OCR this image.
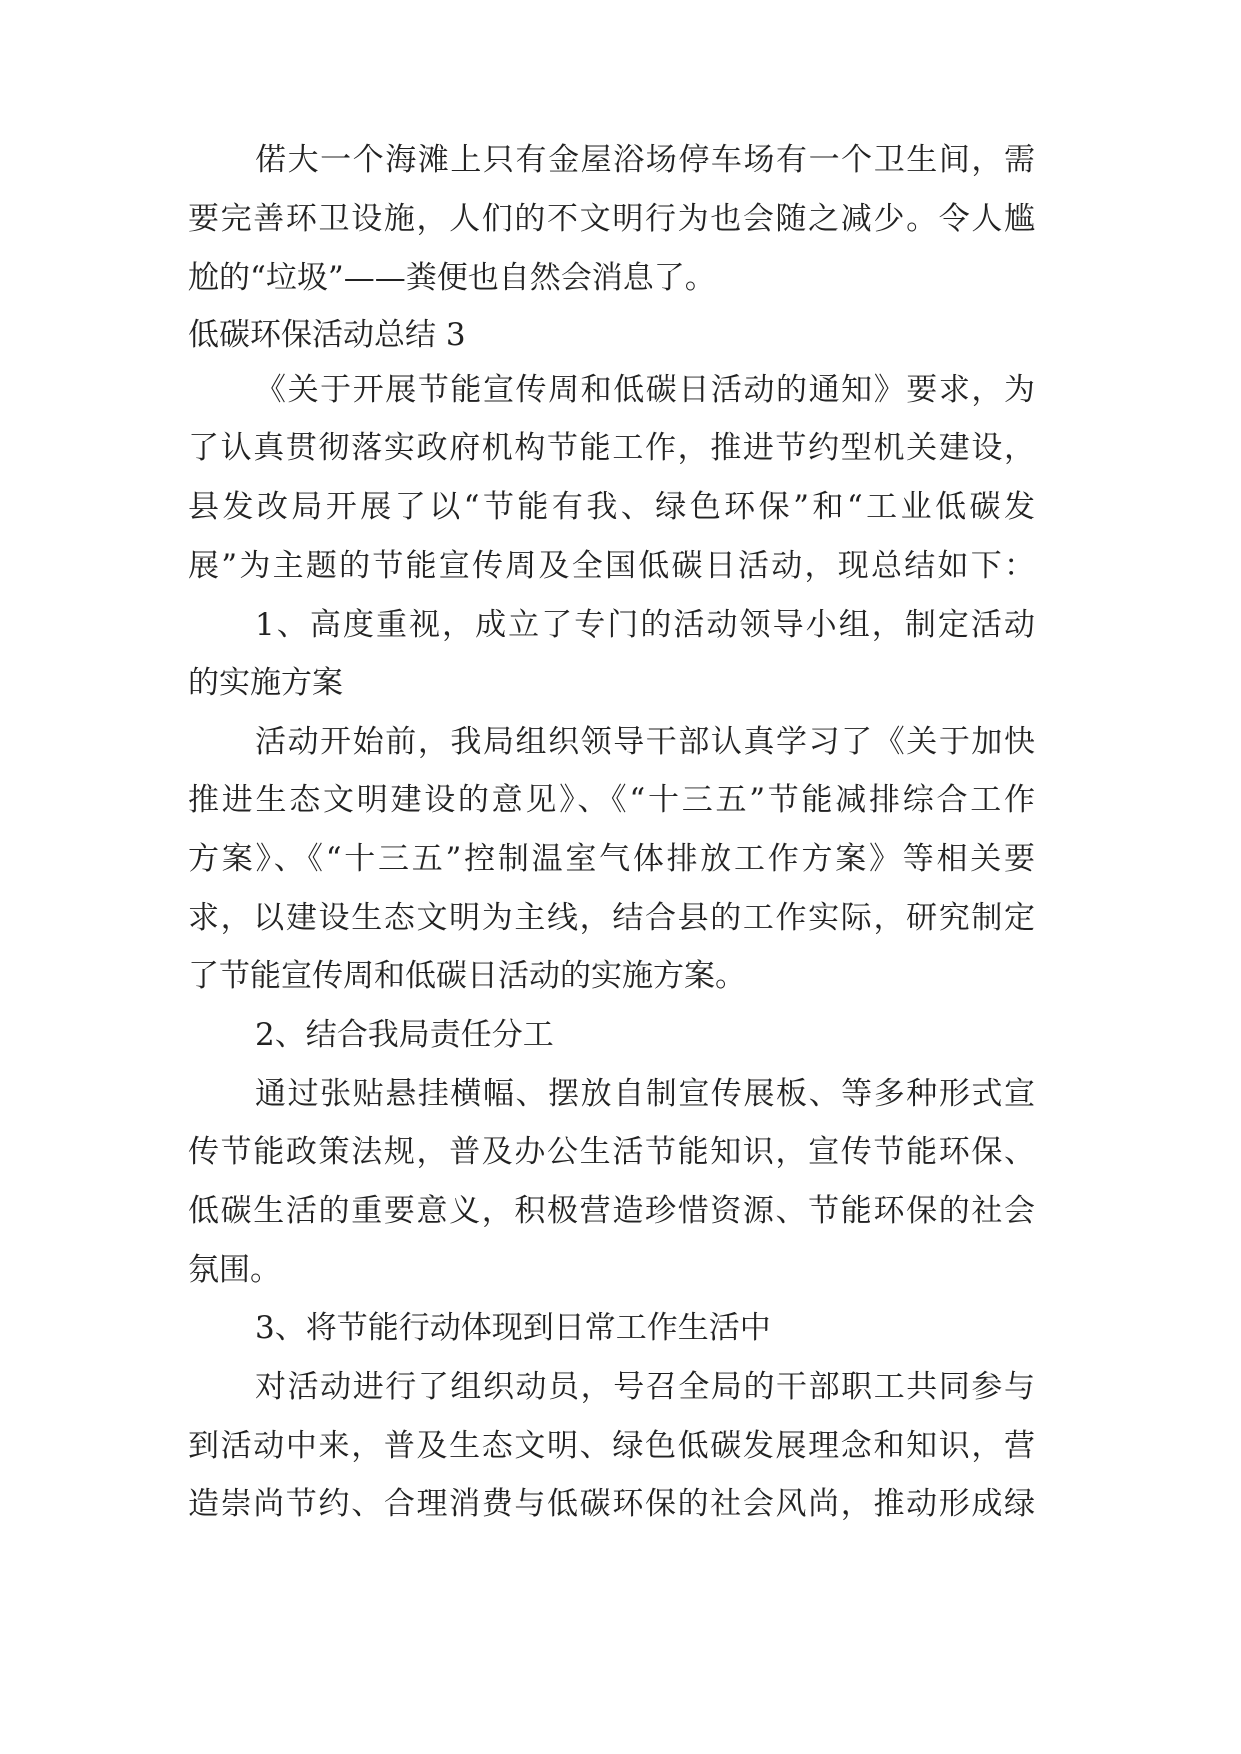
偌大一个海滩上只有金屋浴场停车场有一个卫生间，需
要完善环卫设施，人们的不文明行为也会随之减少。令人尴
尬的“垃圾”——粪便也自然会消息了。
低碳环保活动总结 3
《关于开展节能宣传周和低碳日活动的通知》要求，为
了认真贯彻落实政府机构节能工作，推进节约型机关建设，
县发改局开展了以“节能有我、绿色环保”和“工业低碳发
展”为主题的节能宣传周及全国低碳日活动，现总结如下：
1、高度重视，成立了专门的活动领导小组，制定活动
的实施方案
活动开始前，我局组织领导干部认真学习了《关于加快
推进生态文明建设的意见》、《“十三五”节能减排综合工作
方案》、《“十三五”控制温室气体排放工作方案》等相关要
求，以建设生态文明为主线，结合县的工作实际，研究制定
了节能宣传周和低碳日活动的实施方案。
2、结合我局责任分工
通过张贴悬挂横幅、摆放自制宣传展板、等多种形式宣
传节能政策法规，普及办公生活节能知识，宣传节能环保、
低碳生活的重要意义，积极营造珍惜资源、节能环保的社会
氛围。
3、将节能行动体现到日常工作生活中
对活动进行了组织动员，号召全局的干部职工共同参与
到活动中来，普及生态文明、绿色低碳发展理念和知识，营
造崇尚节约、合理消费与低碳环保的社会风尚，推动形成绿
